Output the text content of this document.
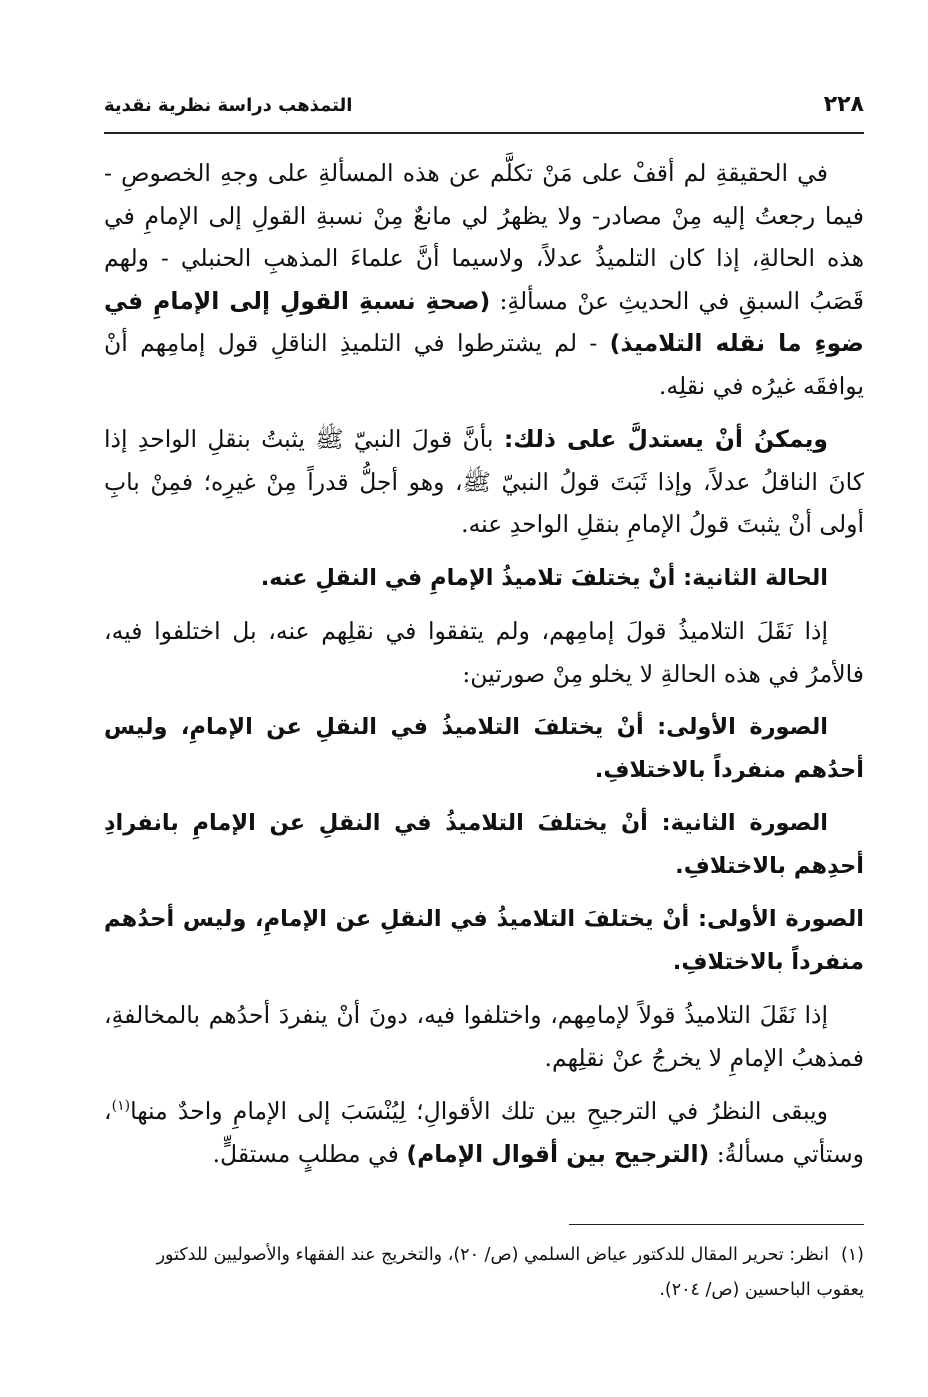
٢٢٨
التمذهب دراسة نظرية نقدية

في الحقيقةِ لم أقفْ على مَنْ تكلَّم عن هذه المسألةِ على وجهِ الخصوصِ - فيما رجعتُ إليه مِنْ مصادر- ولا يظهرُ لي مانعٌ مِنْ نسبةِ القولِ إلى الإمامِ في هذه الحالةِ، إذا كان التلميذُ عدلاً، ولاسيما أنَّ علماءَ المذهبِ الحنبلي - ولهم قَصَبُ السبقِ في الحديثِ عنْ مسألةِ: (صحةِ نسبةِ القولِ إلى الإمامِ في ضوءِ ما نقله التلاميذ) - لم يشترطوا في التلميذِ الناقلِ قول إمامِهم أنْ يوافقَه غيرُه في نقلِه.

ويمكنُ أنْ يستدلَّ على ذلك: بأنَّ قولَ النبيّ ﷺ يثبتُ بنقلِ الواحدِ إذا كانَ الناقلُ عدلاً، وإذا ثَبَتَ قولُ النبيّ ﷺ، وهو أجلُّ قدراً مِنْ غيرِه؛ فمِنْ بابِ أولى أنْ يثبتَ قولُ الإمامِ بنقلِ الواحدِ عنه.

الحالة الثانية: أنْ يختلفَ تلاميذُ الإمامِ في النقلِ عنه.

إذا نَقَلَ التلاميذُ قولَ إمامِهم، ولم يتفقوا في نقلِهم عنه، بل اختلفوا فيه، فالأمرُ في هذه الحالةِ لا يخلو مِنْ صورتين:

الصورة الأولى: أنْ يختلفَ التلاميذُ في النقلِ عن الإمامِ، وليس أحدُهم منفرداً بالاختلافِ.

الصورة الثانية: أنْ يختلفَ التلاميذُ في النقلِ عن الإمامِ بانفرادِ أحدِهم بالاختلافِ.

الصورة الأولى: أنْ يختلفَ التلاميذُ في النقلِ عن الإمامِ، وليس أحدُهم منفرداً بالاختلافِ.

إذا نَقَلَ التلاميذُ قولاً لإمامِهم، واختلفوا فيه، دونَ أنْ ينفردَ أحدُهم بالمخالفةِ، فمذهبُ الإمامِ لا يخرجُ عنْ نقلِهم.

ويبقى النظرُ في الترجيحِ بين تلك الأقوالِ؛ لِيُنْسَبَ إلى الإمامِ واحدٌ منها$^{(١)}$، وستأتي مسألةُ: (الترجيح بين أقوال الإمام) في مطلبٍ مستقلٍّ.

(١)انظر: تحرير المقال للدكتور عياض السلمي (ص/ ٢٠)، والتخريج عند الفقهاء والأصوليين للدكتور يعقوب الباحسين (ص/ ٢٠٤).
